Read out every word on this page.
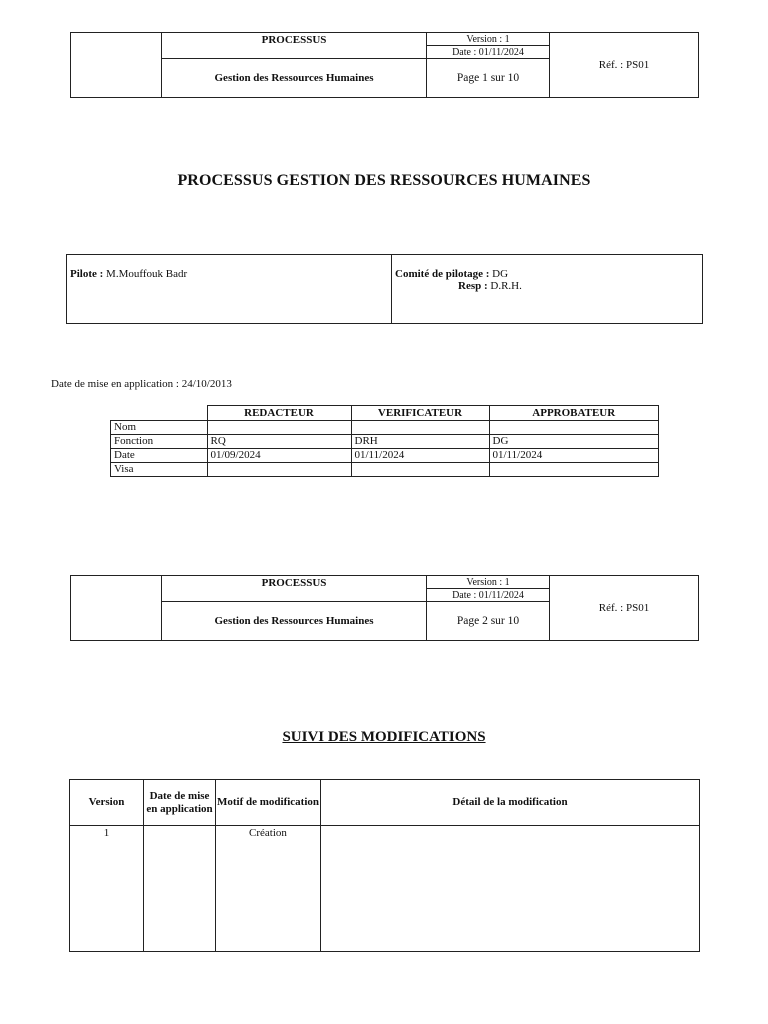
	PROCESSUS	Version : 1	Réf. : PS01
		Date : 01/11/2024	
	Gestion des Ressources Humaines	Page 1 sur 10	
PROCESSUS GESTION DES RESSOURCES HUMAINES
Pilote : M.Mouffouk Badr	Comité de pilotage : DG
Resp : D.R.H.
Date de mise en application : 24/10/2013
	REDACTEUR	VERIFICATEUR	APPROBATEUR
Nom			
Fonction	RQ	DRH	DG
Date	01/09/2024	01/11/2024	01/11/2024
Visa			
	PROCESSUS	Version : 1	Réf. : PS01
		Date : 01/11/2024	
	Gestion des Ressources Humaines	Page 2 sur 10	
SUIVI DES MODIFICATIONS
Version	Date de mise en application	Motif de modification	Détail de la modification
1		Création	
